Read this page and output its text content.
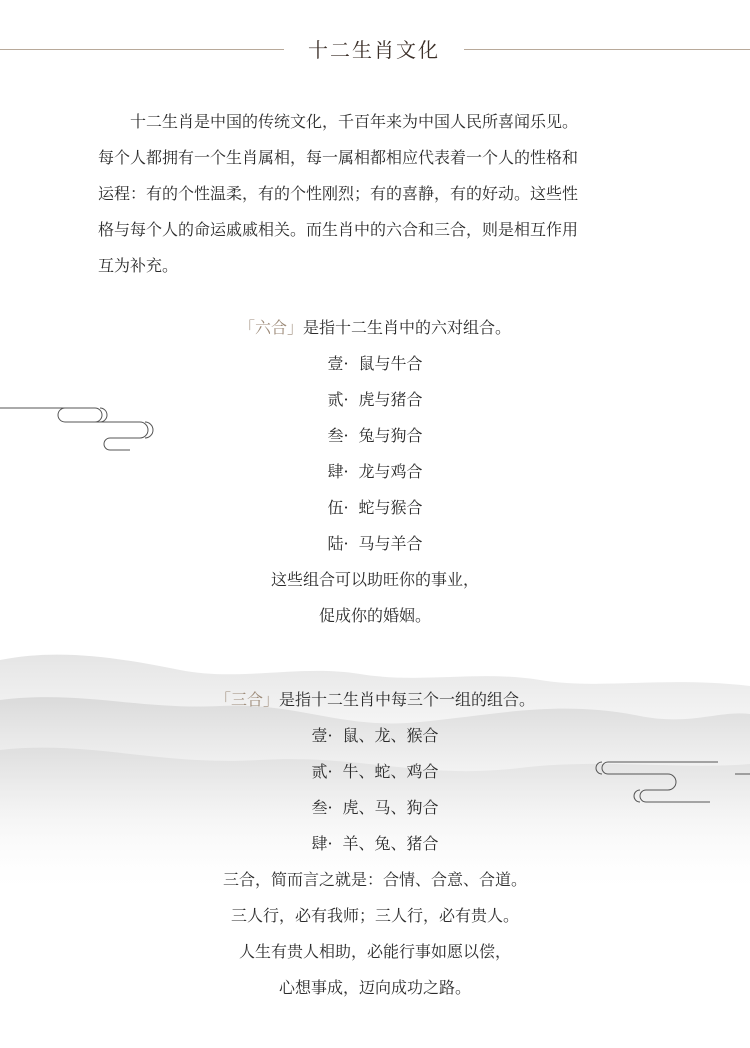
十二生肖文化
　　十二生肖是中国的传统文化，千百年来为中国人民所喜闻乐见。
每个人都拥有一个生肖属相，每一属相都相应代表着一个人的性格和
运程：有的个性温柔，有的个性刚烈；有的喜静，有的好动。这些性
格与每个人的命运戚戚相关。而生肖中的六合和三合，则是相互作用
互为补充。
「六合」是指十二生肖中的六对组合。
壹· 鼠与牛合
贰· 虎与猪合
叁· 兔与狗合
肆· 龙与鸡合
伍· 蛇与猴合
陆· 马与羊合
这些组合可以助旺你的事业，
促成你的婚姻。
「三合」是指十二生肖中每三个一组的组合。
壹· 鼠、龙、猴合
贰· 牛、蛇、鸡合
叁· 虎、马、狗合
肆· 羊、兔、猪合
三合，简而言之就是：合情、合意、合道。
三人行，必有我师；三人行，必有贵人。
人生有贵人相助，必能行事如愿以偿，
心想事成，迈向成功之路。
